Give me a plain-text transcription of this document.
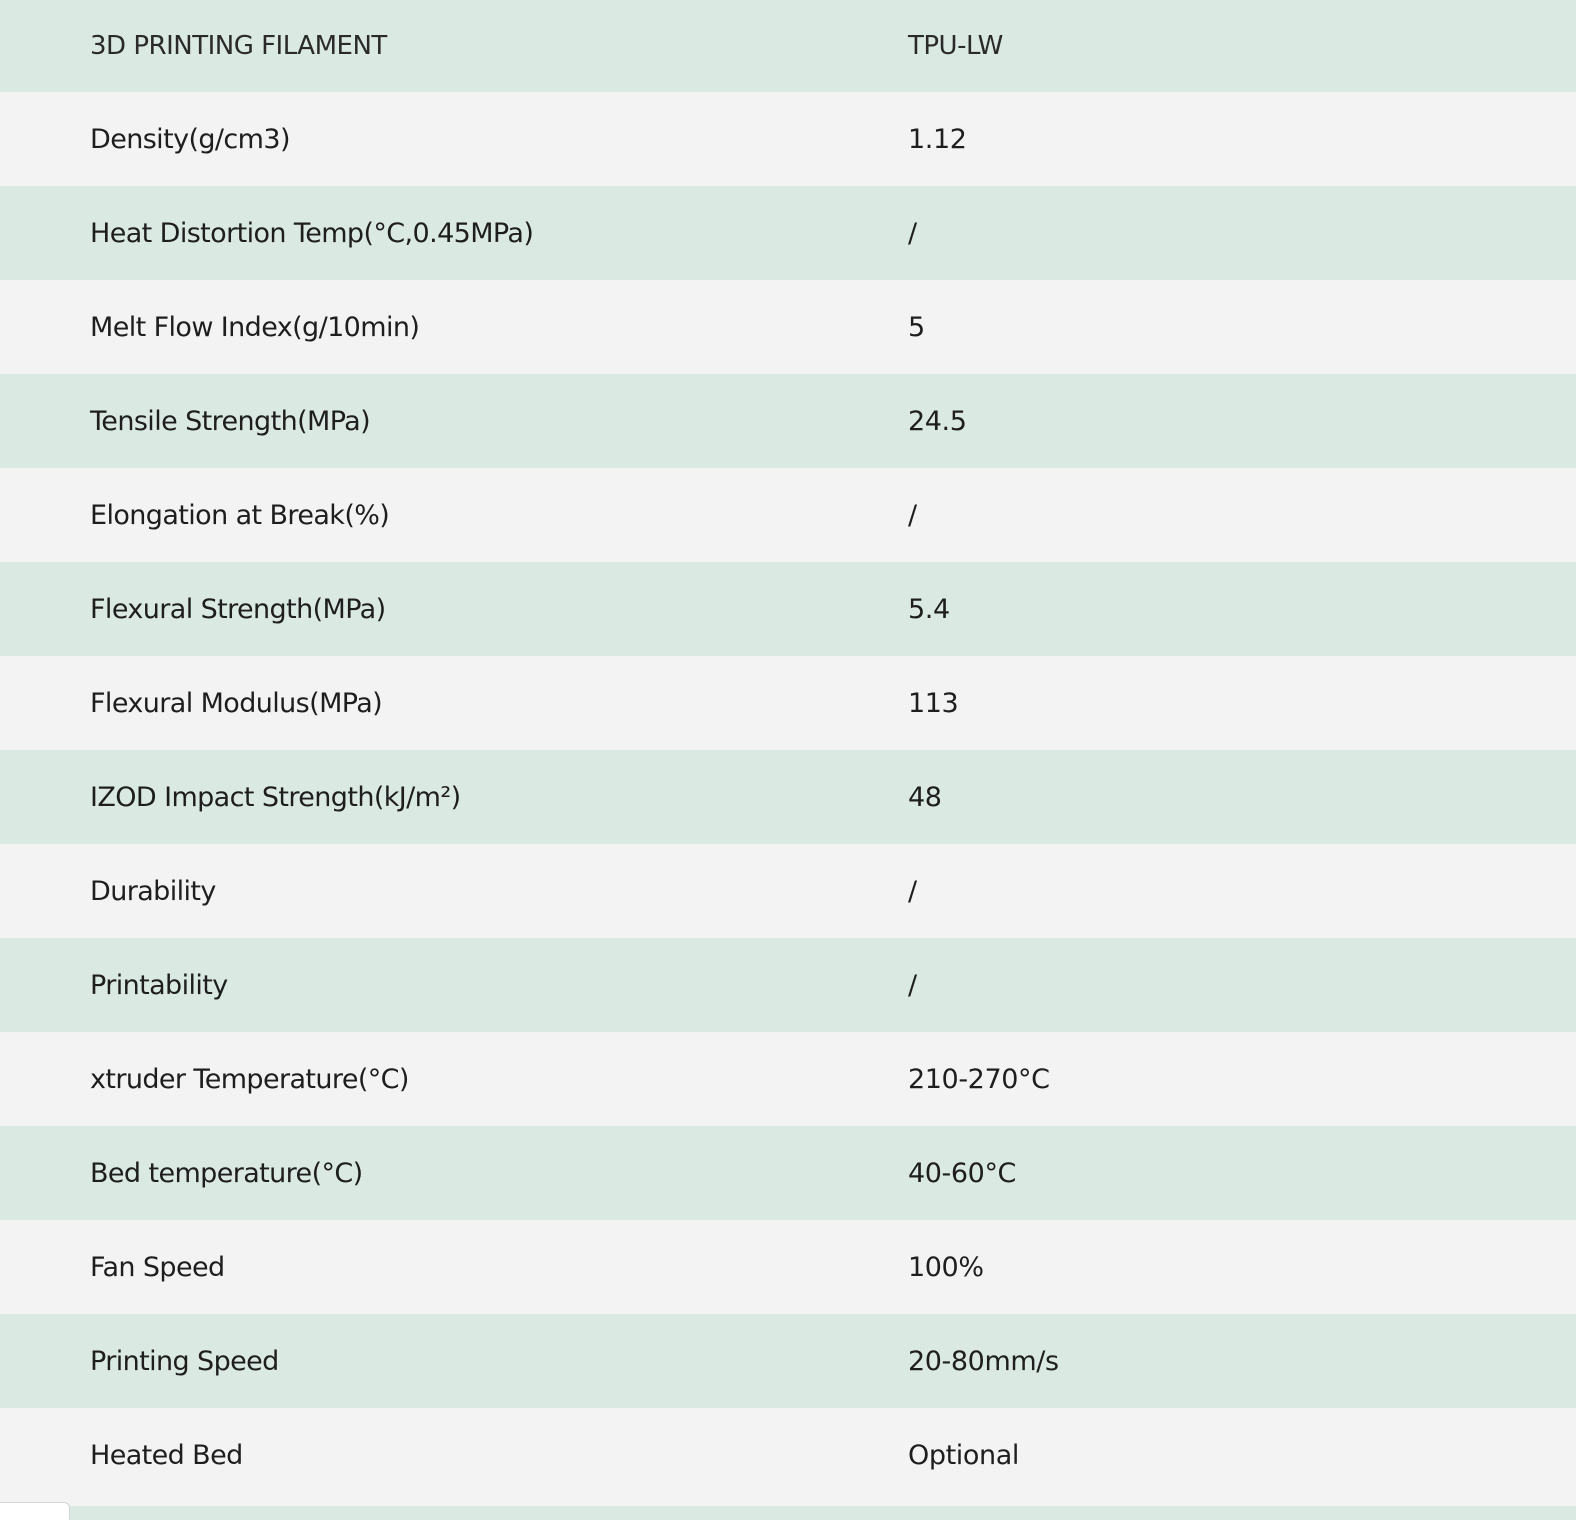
3D PRINTING FILAMENT	TPU-LW
Density(g/cm3)	1.12
Heat Distortion Temp(°C,0.45MPa)	/
Melt Flow Index(g/10min)	5
Tensile Strength(MPa)	24.5
Elongation at Break(%)	/
Flexural Strength(MPa)	5.4
Flexural Modulus(MPa)	113
IZOD Impact Strength(kJ/m²)	48
Durability	/
Printability	/
xtruder Temperature(°C)	210-270°C
Bed temperature(°C)	40-60°C
Fan Speed	100%
Printing Speed	20-80mm/s
Heated Bed	Optional
